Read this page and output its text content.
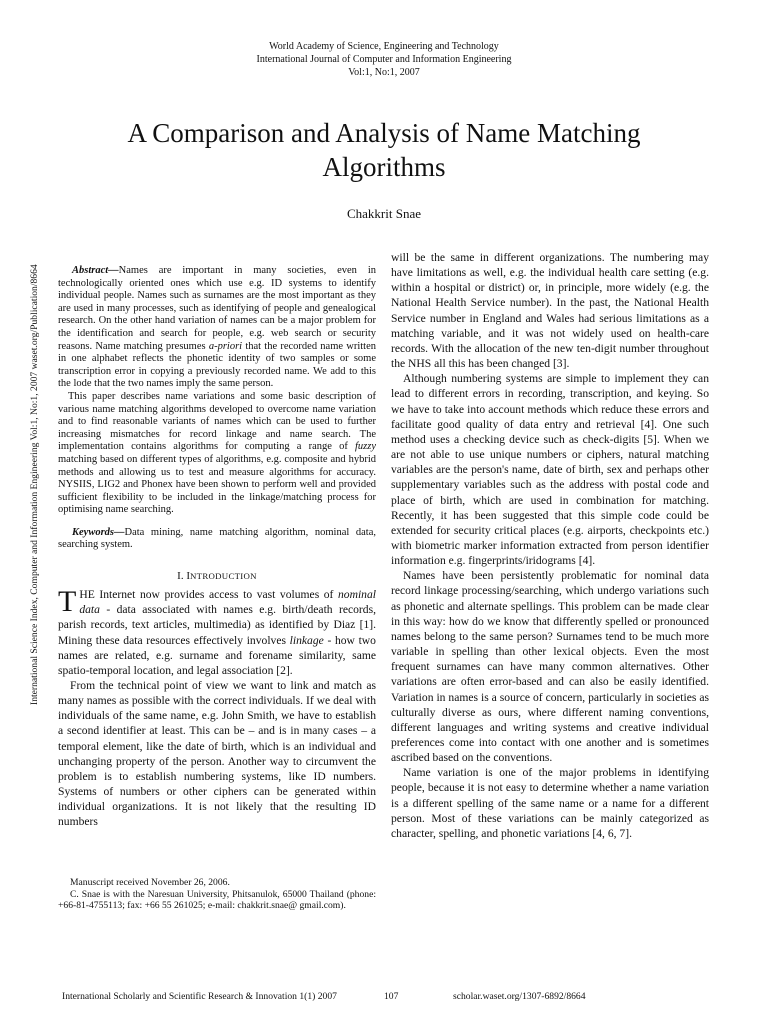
World Academy of Science, Engineering and Technology
International Journal of Computer and Information Engineering
Vol:1, No:1, 2007
A Comparison and Analysis of Name Matching
Algorithms
Chakkrit Snae
International Science Index, Computer and Information Engineering Vol:1, No:1, 2007 waset.org/Publication/8664	Abstract—Names are important in many societies, even in technologically oriented ones which use e.g. ID systems to identify individual people. Names such as surnames are the most important as they are used in many processes, such as identifying of people and genealogical research. On the other hand variation of names can be a major problem for the identification and search for people, e.g. web search or security reasons. Name matching presumes a-priori that the recorded name written in one alphabet reflects the phonetic identity of two samples or some transcription error in copying a previously recorded name. We add to this the lode that the two names imply the same person.

This paper describes name variations and some basic description of various name matching algorithms developed to overcome name variation and to find reasonable variants of names which can be used to further increasing mismatches for record linkage and name search. The implementation contains algorithms for computing a range of fuzzy matching based on different types of algorithms, e.g. composite and hybrid methods and allowing us to test and measure algorithms for accuracy. NYSIIS, LIG2 and Phonex have been shown to perform well and provided sufficient flexibility to be included in the linkage/matching process for optimising name searching.

Keywords—Data mining, name matching algorithm, nominal data, searching system.
I. INTRODUCTION

THE Internet now provides access to vast volumes of nominal data - data associated with names e.g. birth/death records, parish records, text articles, multimedia) as identified by Diaz [1]. Mining these data resources effectively involves linkage - how two names are related, e.g. surname and forename similarity, same spatio-temporal location, and legal association [2].

From the technical point of view we want to link and match as many names as possible with the correct individuals. If we deal with individuals of the same name, e.g. John Smith, we have to establish a second identifier at least. This can be – and is in many cases – a temporal element, like the date of birth, which is an individual and unchanging property of the person. Another way to circumvent the problem is to establish numbering systems, like ID numbers. Systems of numbers or other ciphers can be generated within individual organizations. It is not likely that the resulting ID numbers

Manuscript received November 26, 2006.

C. Snae is with the Naresuan University, Phitsanulok, 65000 Thailand (phone: +66-81-4755113; fax: +66 55 261025; e-mail: chakkrit.snae@ gmail.com).

will be the same in different organizations. The numbering may have limitations as well, e.g. the individual health care setting (e.g. within a hospital or district) or, in principle, more widely (e.g. the National Health Service number). In the past, the National Health Service number in England and Wales had serious limitations as a matching variable, and it was not widely used on health-care records. With the allocation of the new ten-digit number throughout the NHS all this has been changed [3].

Although numbering systems are simple to implement they can lead to different errors in recording, transcription, and keying. So we have to take into account methods which reduce these errors and facilitate good quality of data entry and retrieval [4]. One such method uses a checking device such as check-digits [5]. When we are not able to use unique numbers or ciphers, natural matching variables are the person's name, date of birth, sex and perhaps other supplementary variables such as the address with postal code and place of birth, which are used in combination for matching. Recently, it has been suggested that this simple code could be extended for security critical places (e.g. airports, checkpoints etc.) with biometric marker information extracted from person identifier information e.g. fingerprints/iridograms [4].

Names have been persistently problematic for nominal data record linkage processing/searching, which undergo variations such as phonetic and alternate spellings. This problem can be made clear in this way: how do we know that differently spelled or pronounced names belong to the same person? Surnames tend to be much more variable in spelling than other lexical objects. Even the most frequent surnames can have many common alternatives. Other variations are often error-based and can also be easily identified. Variation in names is a source of concern, particularly in societies as culturally diverse as ours, where different naming conventions, different languages and writing systems and creative individual preferences come into contact with one another and is sometimes ascribed based on the conventions.

Name variation is one of the major problems in identifying people, because it is not easy to determine whether a name variation is a different spelling of the same name or a name for a different person. Most of these variations can be mainly categorized as character, spelling, and phonetic variations [4, 6, 7].

International Scholarly and Scientific Research & Innovation 1(1) 2007	107	scholar.waset.org/1307-6892/8664
